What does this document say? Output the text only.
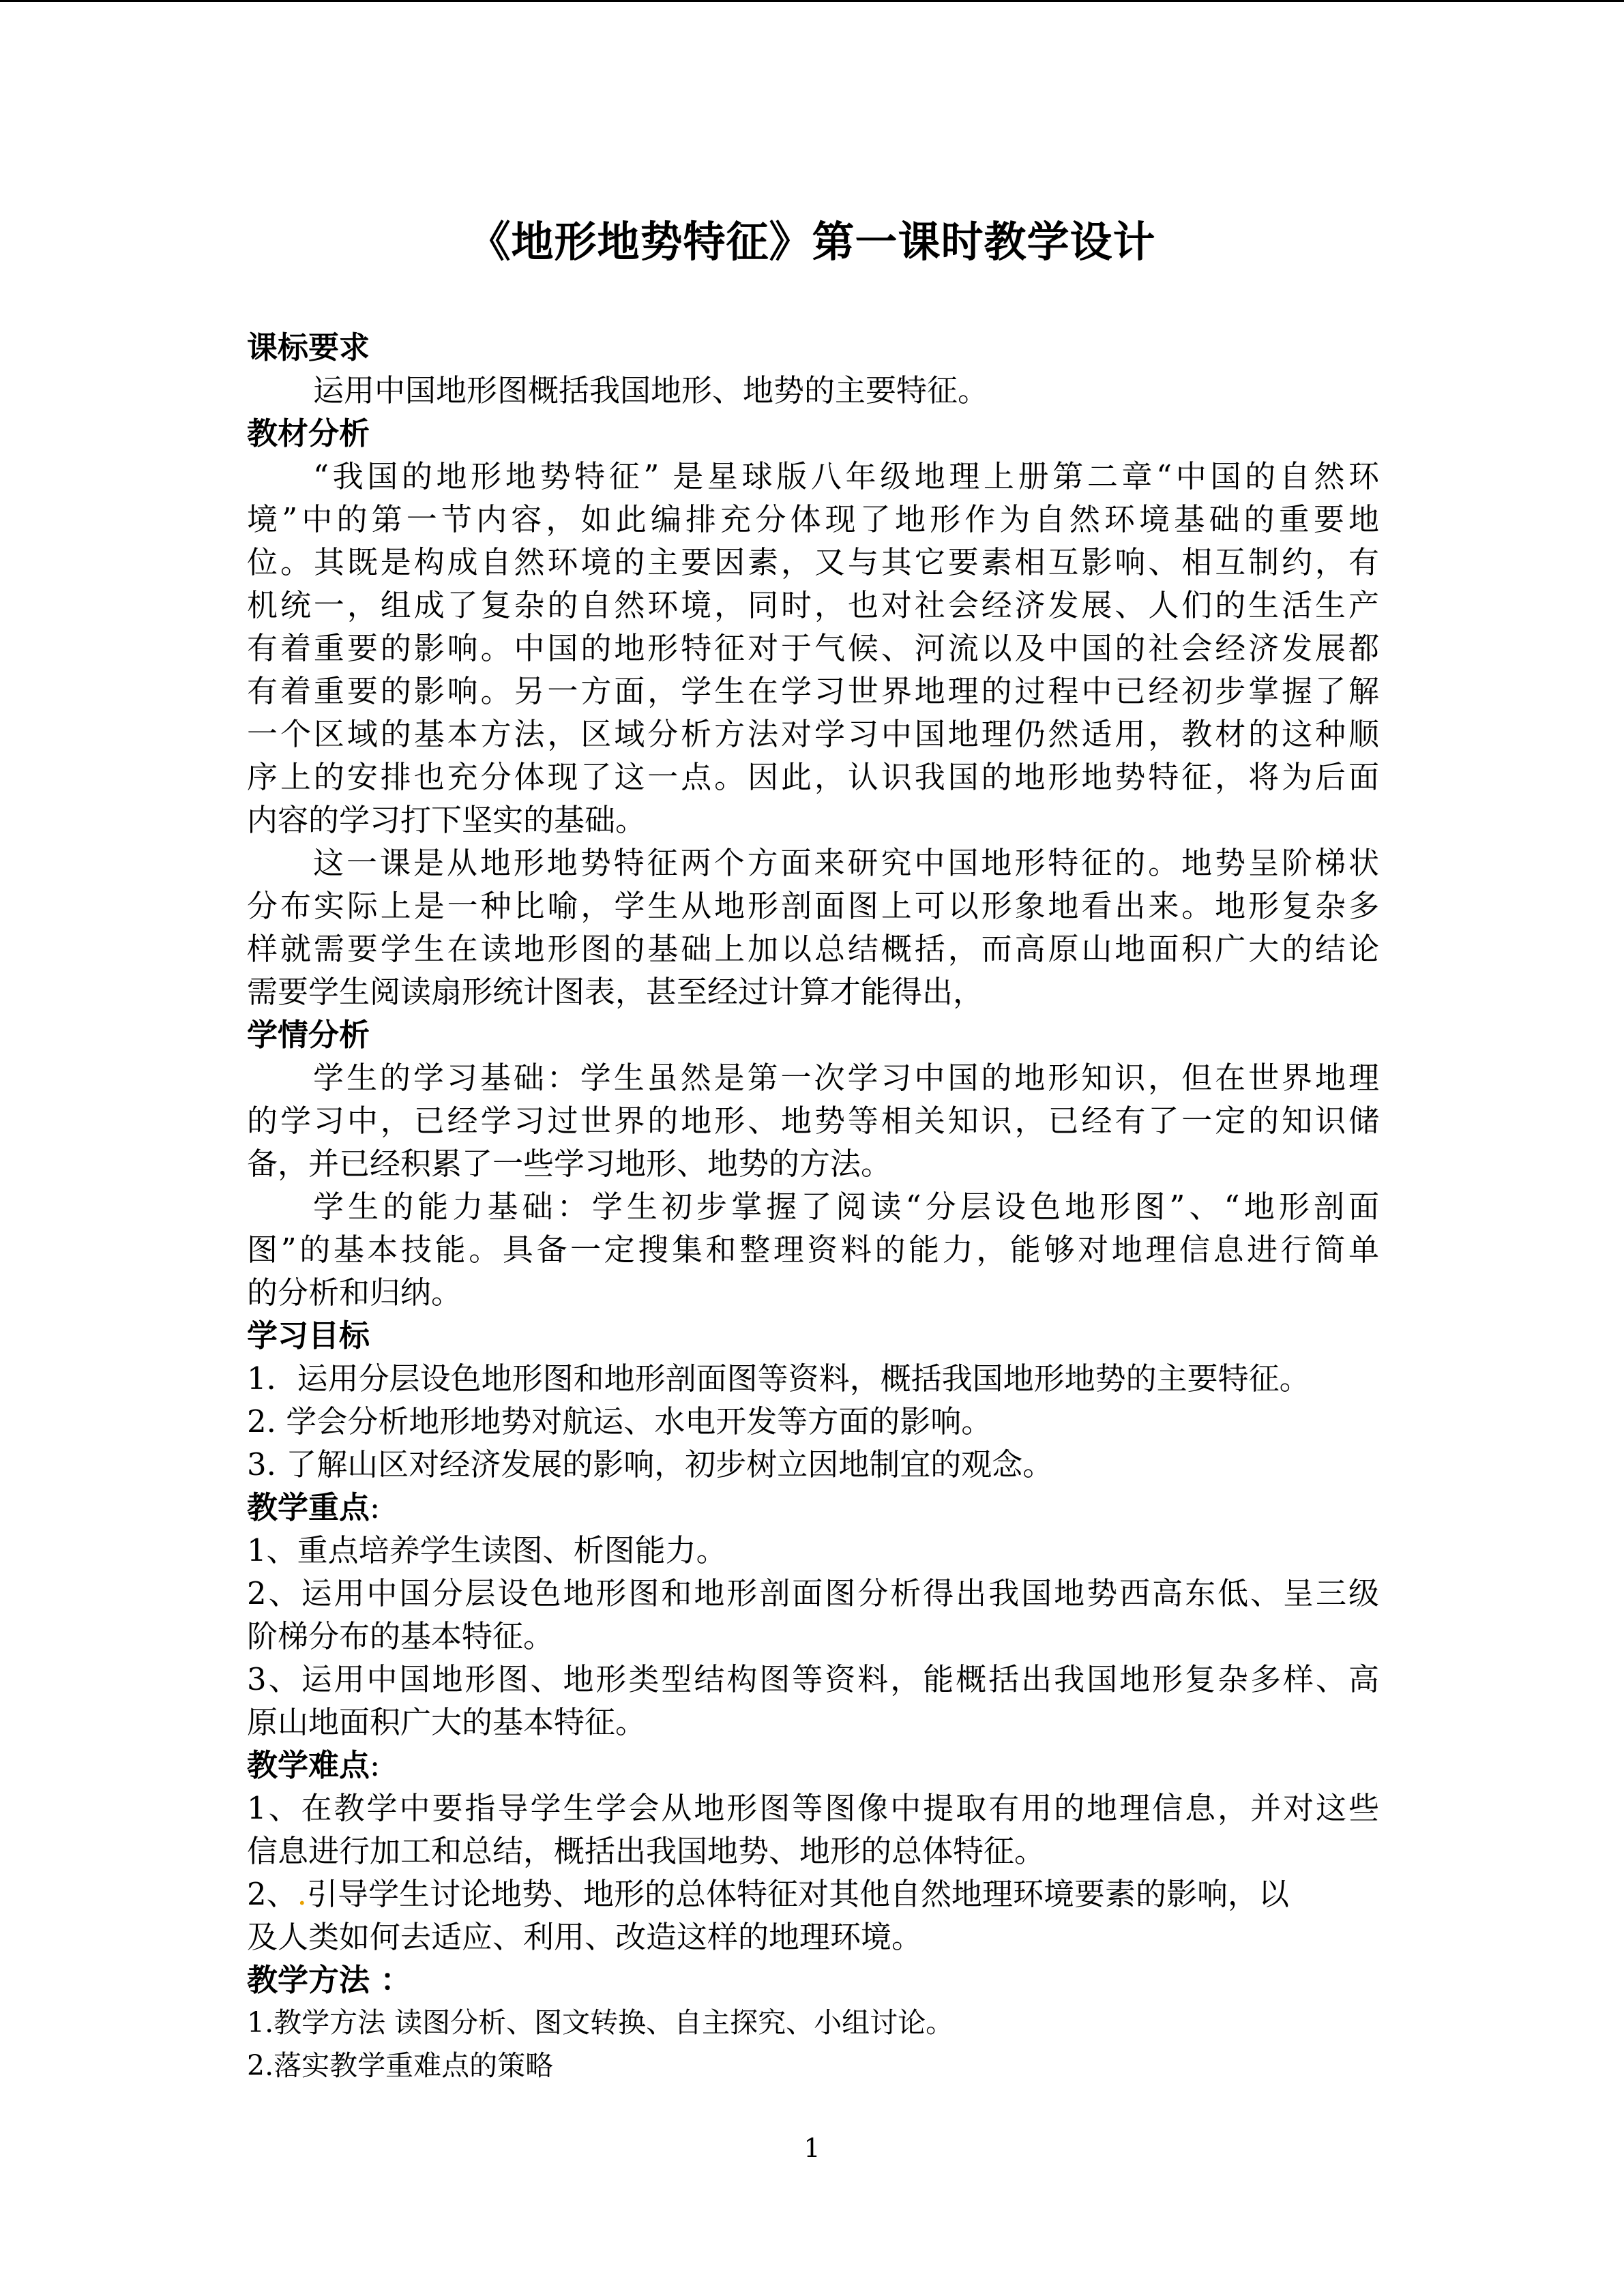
《地形地势特征》第一课时教学设计
课标要求
运用中国地形图概括我国地形、地势的主要特征。
教材分析
“我国的地形地势特征” 是星球版八年级地理上册第二章“中国的自然环
境”中的第一节内容，如此编排充分体现了地形作为自然环境基础的重要地
位。其既是构成自然环境的主要因素，又与其它要素相互影响、相互制约，有
机统一，组成了复杂的自然环境，同时，也对社会经济发展、人们的生活生产
有着重要的影响。中国的地形特征对于气候、河流以及中国的社会经济发展都
有着重要的影响。另一方面，学生在学习世界地理的过程中已经初步掌握了解
一个区域的基本方法，区域分析方法对学习中国地理仍然适用，教材的这种顺
序上的安排也充分体现了这一点。因此，认识我国的地形地势特征，将为后面
内容的学习打下坚实的基础。
这一课是从地形地势特征两个方面来研究中国地形特征的。地势呈阶梯状
分布实际上是一种比喻，学生从地形剖面图上可以形象地看出来。地形复杂多
样就需要学生在读地形图的基础上加以总结概括，而高原山地面积广大的结论
需要学生阅读扇形统计图表，甚至经过计算才能得出，
学情分析
学生的学习基础：学生虽然是第一次学习中国的地形知识，但在世界地理
的学习中，已经学习过世界的地形、地势等相关知识，已经有了一定的知识储
备，并已经积累了一些学习地形、地势的方法。
学生的能力基础：学生初步掌握了阅读“分层设色地形图”、“地形剖面
图”的基本技能。具备一定搜集和整理资料的能力，能够对地理信息进行简单
的分析和归纳。
学习目标
1．运用分层设色地形图和地形剖面图等资料，概括我国地形地势的主要特征。
2. 学会分析地形地势对航运、水电开发等方面的影响。
3. 了解山区对经济发展的影响，初步树立因地制宜的观念。
教学重点:
1、重点培养学生读图、析图能力。
2、运用中国分层设色地形图和地形剖面图分析得出我国地势西高东低、呈三级
阶梯分布的基本特征。
3、运用中国地形图、地形类型结构图等资料，能概括出我国地形复杂多样、高
原山地面积广大的基本特征。
教学难点:
1、在教学中要指导学生学会从地形图等图像中提取有用的地理信息，并对这些
信息进行加工和总结，概括出我国地势、地形的总体特征。
2、.引导学生讨论地势、地形的总体特征对其他自然地理环境要素的影响，以
及人类如何去适应、利用、改造这样的地理环境。
教学方法 ：
1.教学方法 读图分析、图文转换、自主探究、小组讨论。
2.落实教学重难点的策略
1
